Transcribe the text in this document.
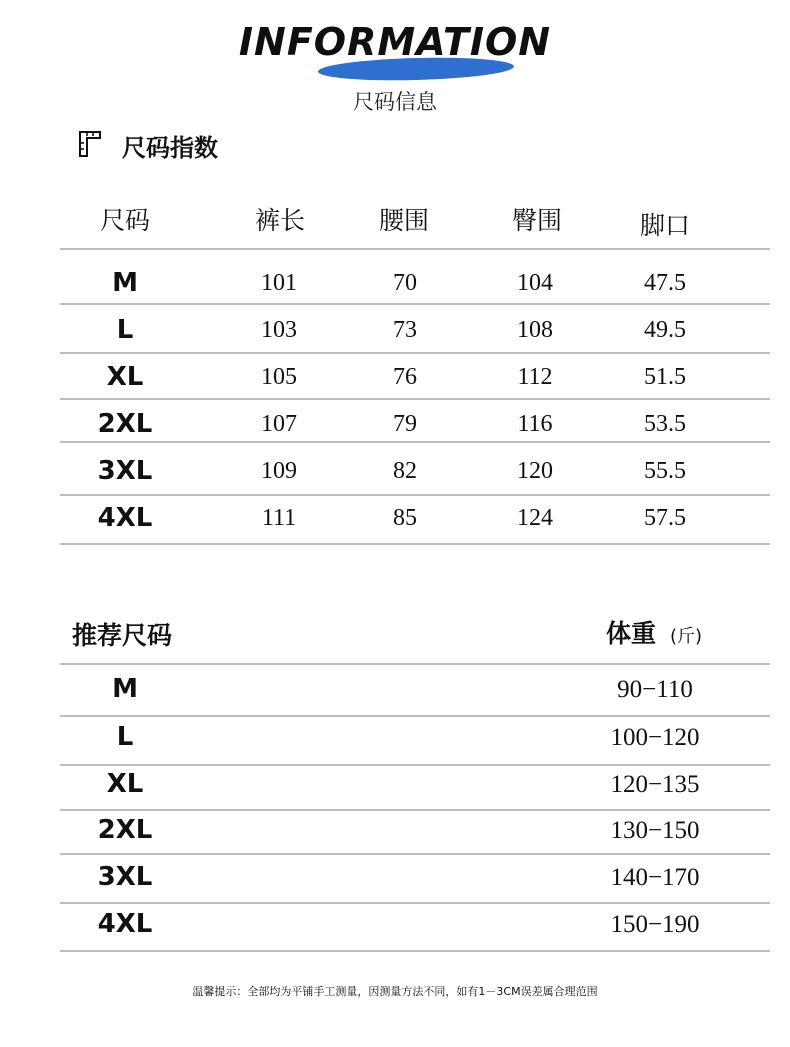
INFORMATION
尺码信息
尺码指数
尺码	裤长	腰围	臀围	脚口
M	101	70	104	47.5
L	103	73	108	49.5
XL	105	76	112	51.5
2XL	107	79	116	53.5
3XL	109	82	120	55.5
4XL	111	85	124	57.5
推荐尺码	体重 (斤)
M	90−110
L	100−120
XL	120−135
2XL	130−150
3XL	140−170
4XL	150−190
温馨提示：全部均为平铺手工测量，因测量方法不同，如有1－3CM误差属合理范围
